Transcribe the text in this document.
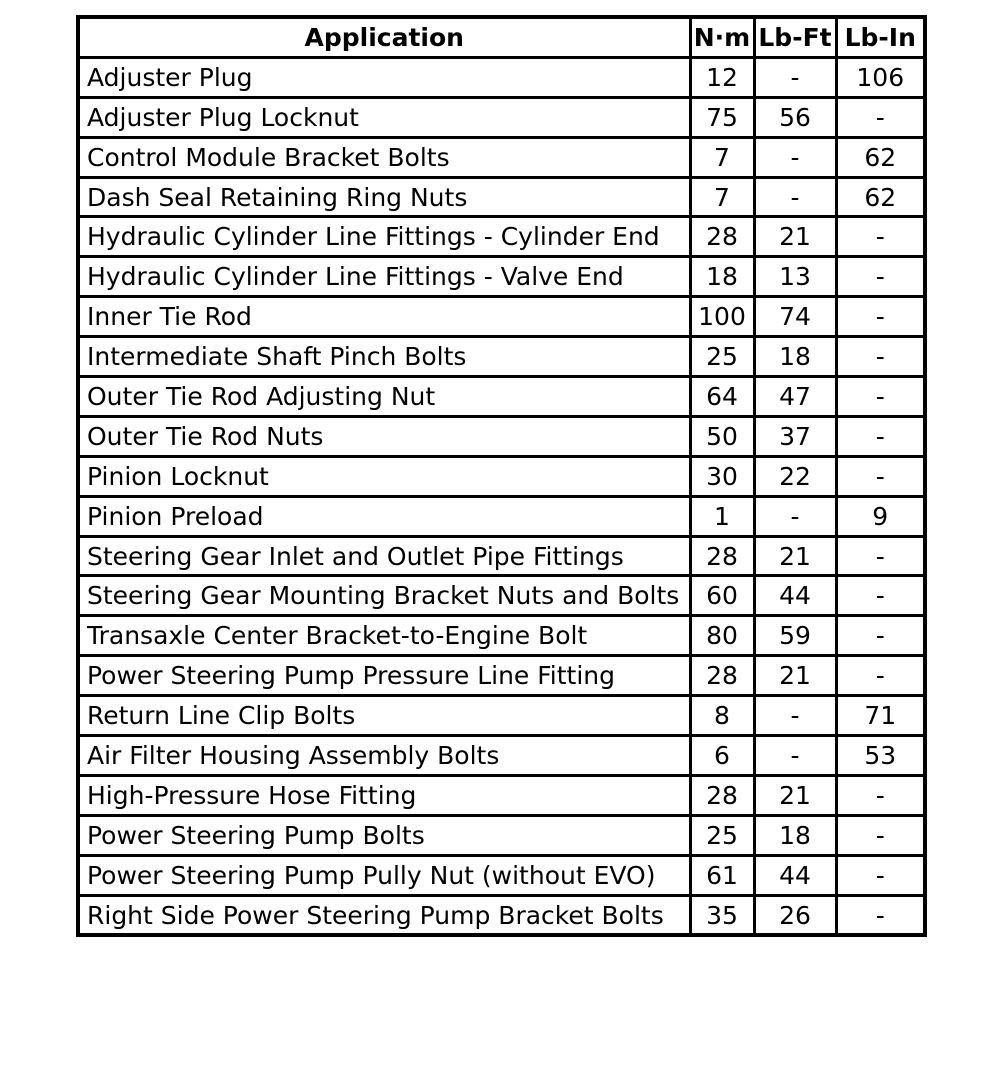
Application	N·m	Lb-Ft	Lb-In
Adjuster Plug	12	-	106
Adjuster Plug Locknut	75	56	-
Control Module Bracket Bolts	7	-	62
Dash Seal Retaining Ring Nuts	7	-	62
Hydraulic Cylinder Line Fittings - Cylinder End	28	21	-
Hydraulic Cylinder Line Fittings - Valve End	18	13	-
Inner Tie Rod	100	74	-
Intermediate Shaft Pinch Bolts	25	18	-
Outer Tie Rod Adjusting Nut	64	47	-
Outer Tie Rod Nuts	50	37	-
Pinion Locknut	30	22	-
Pinion Preload	1	-	9
Steering Gear Inlet and Outlet Pipe Fittings	28	21	-
Steering Gear Mounting Bracket Nuts and Bolts	60	44	-
Transaxle Center Bracket-to-Engine Bolt	80	59	-
Power Steering Pump Pressure Line Fitting	28	21	-
Return Line Clip Bolts	8	-	71
Air Filter Housing Assembly Bolts	6	-	53
High-Pressure Hose Fitting	28	21	-
Power Steering Pump Bolts	25	18	-
Power Steering Pump Pully Nut (without EVO)	61	44	-
Right Side Power Steering Pump Bracket Bolts	35	26	-
